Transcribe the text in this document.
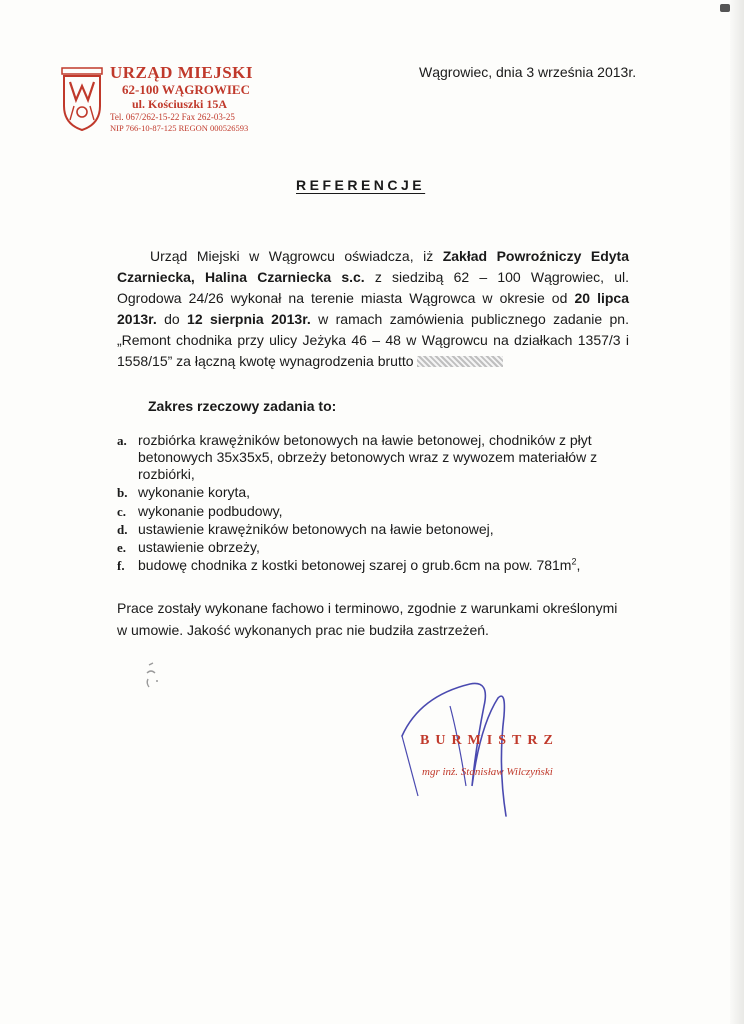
URZĄD MIEJSKI
62-100 WĄGROWIEC
ul. Kościuszki 15A
Tel. 067/262-15-22 Fax 262-03-25
NIP 766-10-87-125 REGON 000526593
Wągrowiec, dnia 3 września 2013r.
REFERENCJE

Urząd Miejski w Wągrowcu oświadcza, iż Zakład Powroźniczy Edyta Czarniecka, Halina Czarniecka s.c. z siedzibą 62 – 100 Wągrowiec, ul. Ogrodowa 24/26 wykonał na terenie miasta Wągrowca w okresie od 20 lipca 2013r. do 12 sierpnia 2013r. w ramach zamówienia publicznego zadanie pn. „Remont chodnika przy ulicy Jeżyka 46 – 48 w Wągrowcu na działkach 1357/3 i 1558/15” za łączną kwotę wynagrodzenia brutto

Zakres rzeczowy zadania to:
a. rozbiórka krawężników betonowych na ławie betonowej, chodników z płyt betonowych 35x35x5, obrzeży betonowych wraz z wywozem materiałów z rozbiórki,
b. wykonanie koryta,
c. wykonanie podbudowy,
d. ustawienie krawężników betonowych na ławie betonowej,
e. ustawienie obrzeży,
f. budowę chodnika z kostki betonowej szarej o grub.6cm na pow. $781m^2$,
Prace zostały wykonane fachowo i terminowo, zgodnie z warunkami określonymi w umowie. Jakość wykonanych prac nie budziła zastrzeżeń.
BURMISTRZ
mgr inż. Stanisław Wilczyński
